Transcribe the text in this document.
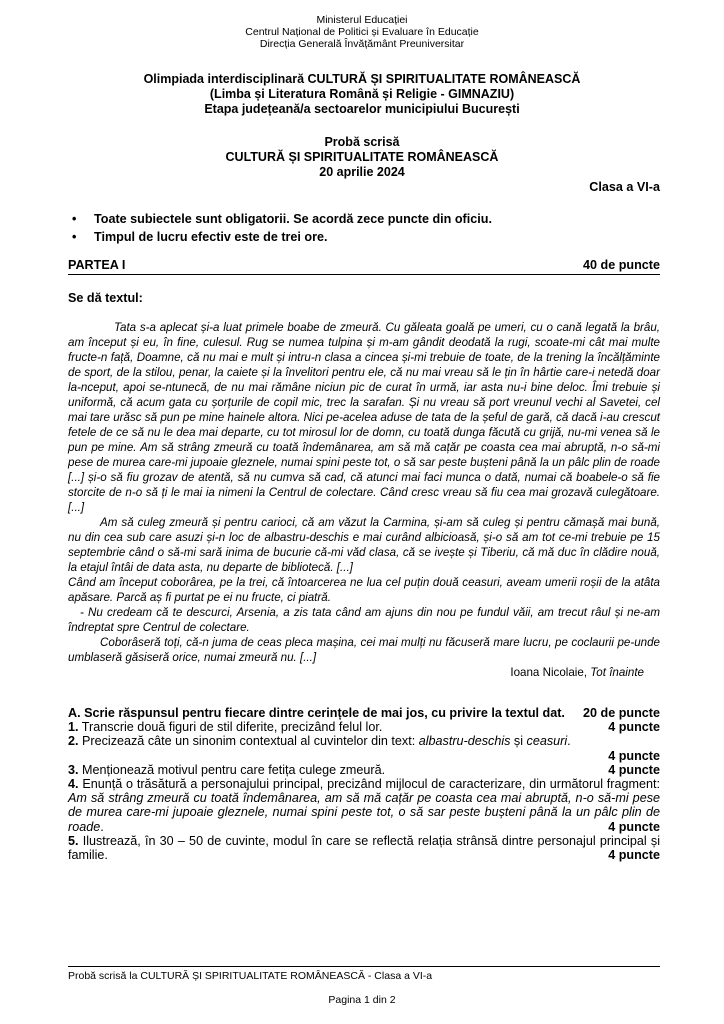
Ministerul Educației
Centrul Național de Politici și Evaluare în Educație
Direcția Generală Învățământ Preuniversitar
Olimpiada interdisciplinară CULTURĂ ȘI SPIRITUALITATE ROMÂNEASCĂ
(Limba și Literatura Română și Religie - GIMNAZIU)
Etapa județeană/a sectoarelor municipiului București
Probă scrisă
CULTURĂ ȘI SPIRITUALITATE ROMÂNEASCĂ
20 aprilie 2024
Clasa a VI-a
• Toate subiectele sunt obligatorii. Se acordă zece puncte din oficiu.
• Timpul de lucru efectiv este de trei ore.
PARTEA I	40 de puncte
Se dă textul:
Tata s-a aplecat și-a luat primele boabe de zmeură. Cu găleata goală pe umeri, cu o cană legată la brâu, am început și eu, în fine, culesul. Rug se numea tulpina și m-am gândit deodată la rugi, scoate-mi cât mai multe fructe-n față, Doamne, că nu mai e mult și intru-n clasa a cincea și-mi trebuie de toate, de la trening la încălțăminte de sport, de la stilou, penar, la caiete și la învelitori pentru ele, că nu mai vreau să le țin în hârtie care-i netedă doar la-nceput, apoi se-ntunecă, de nu mai rămâne niciun pic de curat în urmă, iar asta nu-i bine deloc. Îmi trebuie și uniformă, că acum gata cu șorțurile de copil mic, trec la sarafan. Și nu vreau să port vreunul vechi al Savetei, cel mai tare urăsc să pun pe mine hainele altora. Nici pe-acelea aduse de tata de la șeful de gară, că dacă i-au crescut fetele de ce să nu le dea mai departe, cu tot mirosul lor de domn, cu toată dunga făcută cu grijă, nu-mi venea să le pun pe mine. Am să strâng zmeură cu toată îndemânarea, am să mă cațăr pe coasta cea mai abruptă, n-o să-mi pese de murea care-mi jupoaie gleznele, numai spini peste tot, o să sar peste bușteni până la un pâlc plin de roade [...] și-o să fiu grozav de atentă, să nu cumva să cad, că atunci mai faci munca o dată, numai că boabele-o să fie storcite de n-o să ți le mai ia nimeni la Centrul de colectare. Când cresc vreau să fiu cea mai grozavă culegătoare. [...]
Am să culeg zmeură și pentru carioci, că am văzut la Carmina, și-am să culeg și pentru cămașă mai bună, nu din cea sub care asuzi și-n loc de albastru-deschis e mai curând albicioasă, și-o să am tot ce-mi trebuie pe 15 septembrie când o să-mi sară inima de bucurie că-mi văd clasa, că se ivește și Tiberiu, că mă duc în clădire nouă, la etajul întâi de data asta, nu departe de bibliotecă. [...]
Când am început coborârea, pe la trei, că întoarcerea ne lua cel puțin două ceasuri, aveam umerii roșii de la atâta apăsare. Parcă aș fi purtat pe ei nu fructe, ci piatră.
- Nu credeam că te descurci, Arsenia, a zis tata când am ajuns din nou pe fundul văii, am trecut râul și ne-am îndreptat spre Centrul de colectare.
Coborâseră toți, că-n juma de ceas pleca mașina, cei mai mulți nu făcuseră mare lucru, pe coclaurii pe-unde umblaseră găsiseră orice, numai zmeură nu. [...]
Ioana Nicolaie, Tot înainte
A. Scrie răspunsul pentru fiecare dintre cerințele de mai jos, cu privire la textul dat. 20 de puncte
1. Transcrie două figuri de stil diferite, precizând felul lor.	4 puncte
2. Precizează câte un sinonim contextual al cuvintelor din text: albastru-deschis și ceasuri.
4 puncte
3. Menționează motivul pentru care fetița culege zmeură.	4 puncte
4. Enunță o trăsătură a personajului principal, precizând mijlocul de caracterizare, din următorul fragment: Am să strâng zmeură cu toată îndemânarea, am să mă cațăr pe coasta cea mai abruptă, n-o să-mi pese de murea care-mi jupoaie gleznele, numai spini peste tot, o să sar peste bușteni până la un pâlc plin de roade.	4 puncte
5. Ilustrează, în 30 – 50 de cuvinte, modul în care se reflectă relația strânsă dintre personajul principal și familie.	4 puncte
Probă scrisă la CULTURĂ ȘI SPIRITUALITATE ROMÂNEASCĂ - Clasa a VI-a
Pagina 1 din 2
